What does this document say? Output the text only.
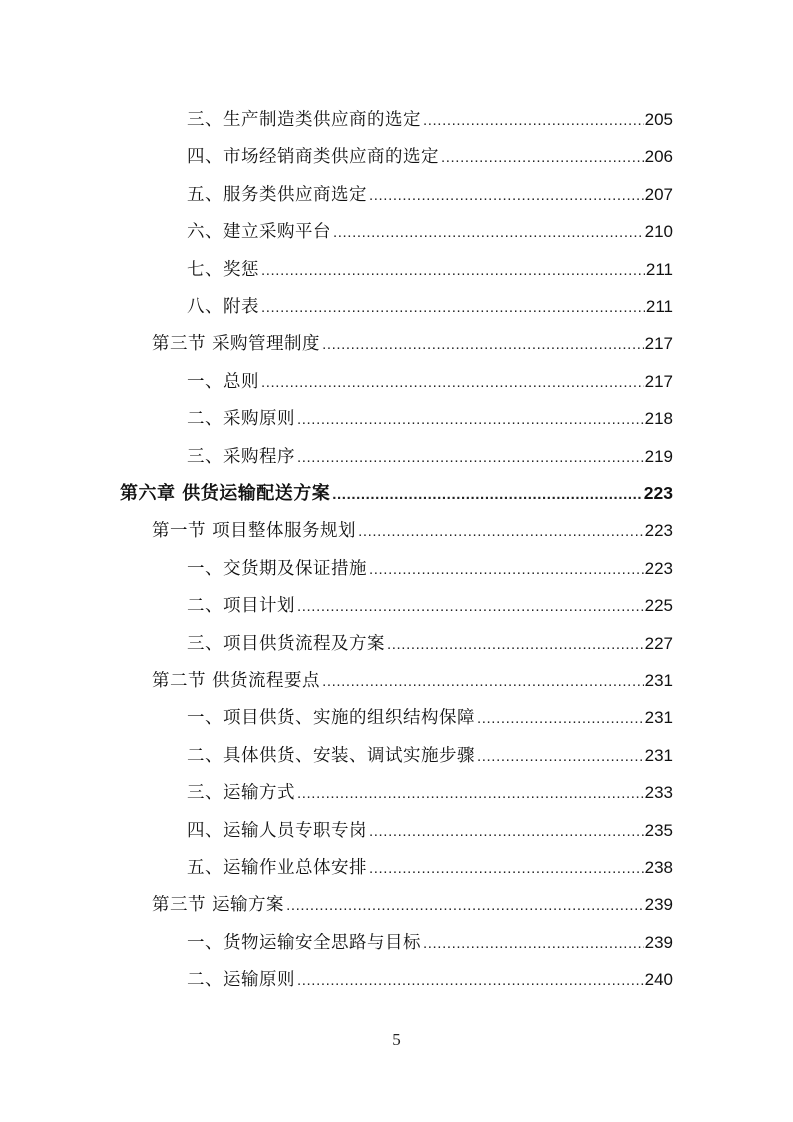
三、生产制造类供应商的选定 .....	205
四、市场经销商类供应商的选定 .....	206
五、服务类供应商选定 .....	207
六、建立采购平台 .....	210
七、奖惩 .....	211
八、附表 .....	211
第三节 采购管理制度 .....	217
一、总则 .....	217
二、采购原则 .....	218
三、采购程序 .....	219
第六章 供货运输配送方案 .....	223
第一节 项目整体服务规划 .....	223
一、交货期及保证措施 .....	223
二、项目计划 .....	225
三、项目供货流程及方案 .....	227
第二节 供货流程要点 .....	231
一、项目供货、实施的组织结构保障 .....	231
二、具体供货、安装、调试实施步骤 .....	231
三、运输方式 .....	233
四、运输人员专职专岗 .....	235
五、运输作业总体安排 .....	238
第三节 运输方案 .....	239
一、货物运输安全思路与目标 .....	239
二、运输原则 .....	240
5
